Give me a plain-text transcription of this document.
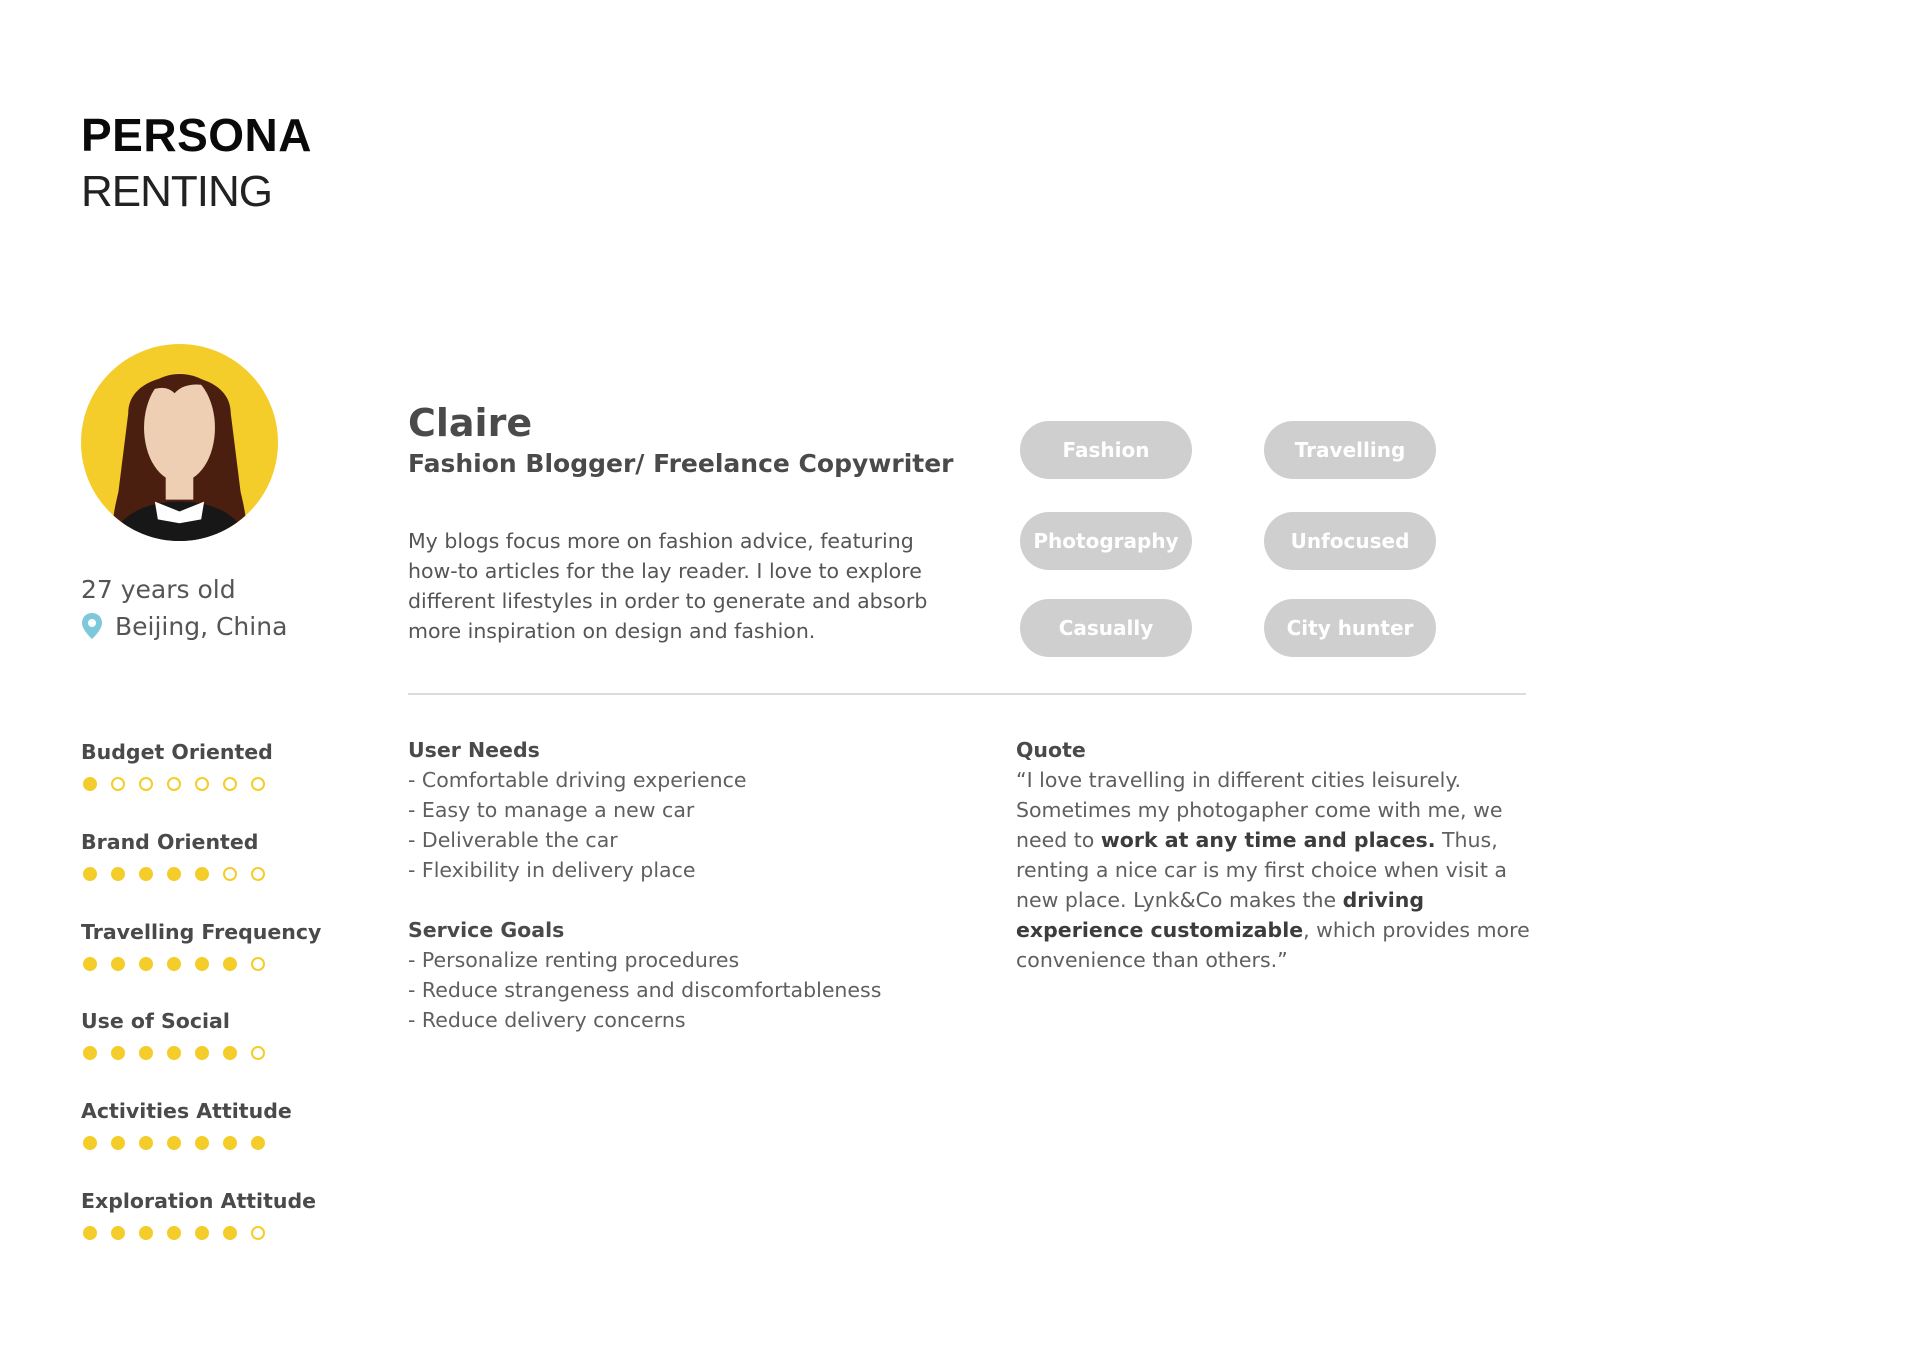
PERSONA
RENTING
27 years old
Beijing, China
Claire
Fashion Blogger/ Freelance Copywriter
My blogs focus more on fashion advice, featuring how-to articles for the lay reader. I love to explore different lifestyles in order to generate and absorb more inspiration on design and fashion.
Fashion	Travelling
Photography	Unfocused
Casually	City hunter
Budget Oriented
Brand Oriented
Travelling Frequency
Use of Social
Activities Attitude
Exploration Attitude
User Needs
- Comfortable driving experience
- Easy to manage a new car
- Deliverable the car
- Flexibility in delivery place
Service Goals
- Personalize renting procedures
- Reduce strangeness and discomfortableness
- Reduce delivery concerns
Quote
“I love travelling in different cities leisurely. Sometimes my photogapher come with me, we need to work at any time and places. Thus, renting a nice car is my first choice when visit a new place. Lynk&Co makes the driving experience customizable, which provides more convenience than others.”
